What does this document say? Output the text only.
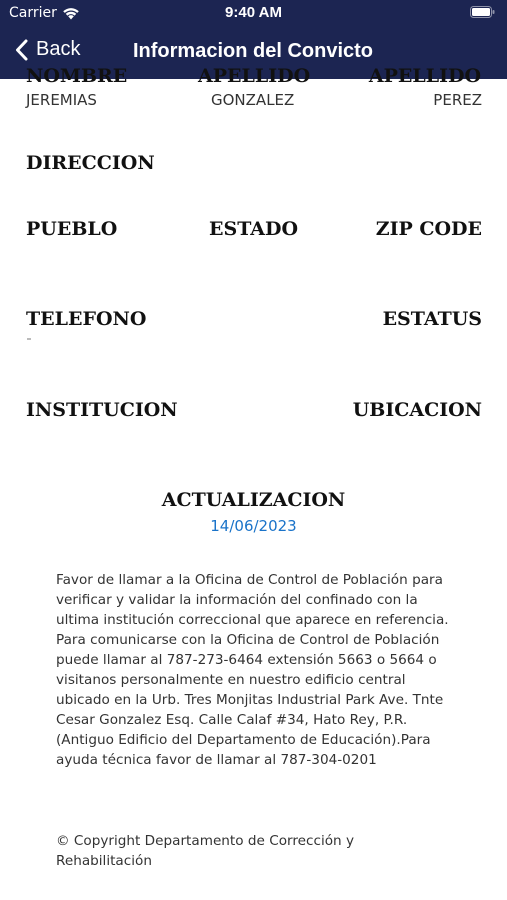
Carrier	9:40 AM
Back	Informacion del Convicto
NOMBRE	APELLIDO	APELLIDO
JEREMIAS	GONZALEZ	PEREZ
DIRECCION
PUEBLO	ESTADO	ZIP CODE
TELEFONO	ESTATUS
INSTITUCION	UBICACION
ACTUALIZACION
14/06/2023
Favor de llamar a la Oficina de Control de Población para verificar y validar la información del confinado con la ultima institución correccional que aparece en referencia. Para comunicarse con la Oficina de Control de Población puede llamar al 787-273-6464 extensión 5663 o 5664 o visitanos personalmente en nuestro edificio central ubicado en la Urb. Tres Monjitas Industrial Park Ave. Tnte Cesar Gonzalez Esq. Calle Calaf #34, Hato Rey, P.R. (Antiguo Edificio del Departamento de Educación).Para ayuda técnica favor de llamar al 787-304-0201
© Copyright Departamento de Corrección y Rehabilitación
